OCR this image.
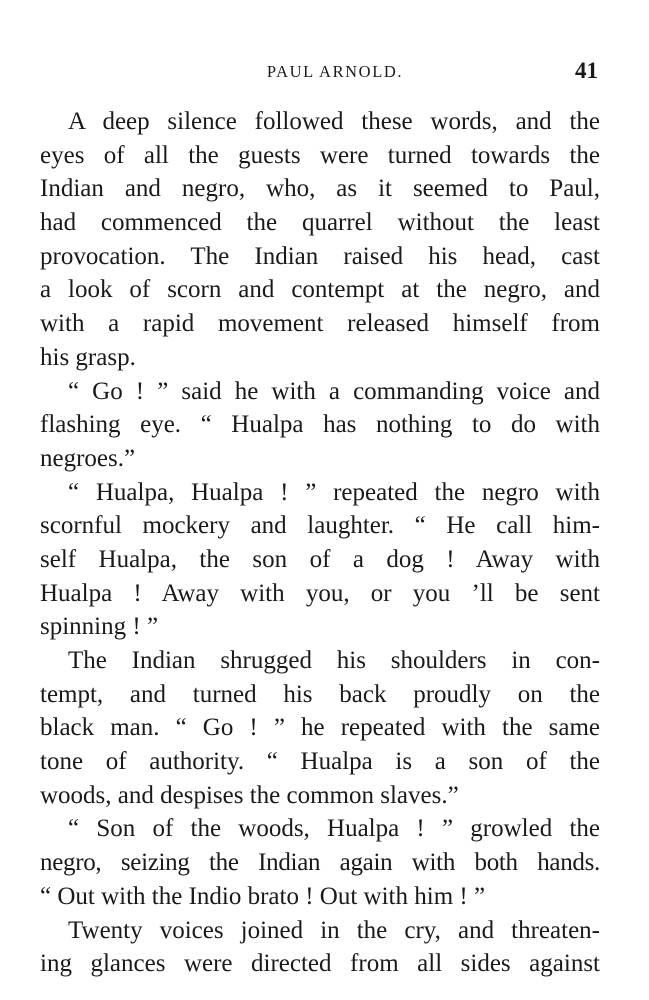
PAUL ARNOLD.	41
A deep silence followed these words, and the
eyes of all the guests were turned towards the
Indian and negro, who, as it seemed to Paul,
had commenced the quarrel without the least
provocation. The Indian raised his head, cast
a look of scorn and contempt at the negro, and
with a rapid movement released himself from
his grasp.
“ Go ! ” said he with a commanding voice and
flashing eye. “ Hualpa has nothing to do with
negroes.”
“ Hualpa, Hualpa ! ” repeated the negro with
scornful mockery and laughter. “ He call him-
self Hualpa, the son of a dog ! Away with
Hualpa ! Away with you, or you ’ll be sent
spinning ! ”
The Indian shrugged his shoulders in con-
tempt, and turned his back proudly on the
black man. “ Go ! ” he repeated with the same
tone of authority. “ Hualpa is a son of the
woods, and despises the common slaves.”
“ Son of the woods, Hualpa ! ” growled the
negro, seizing the Indian again with both hands.
“ Out with the Indio brato ! Out with him ! ”
Twenty voices joined in the cry, and threaten-
ing glances were directed from all sides against
